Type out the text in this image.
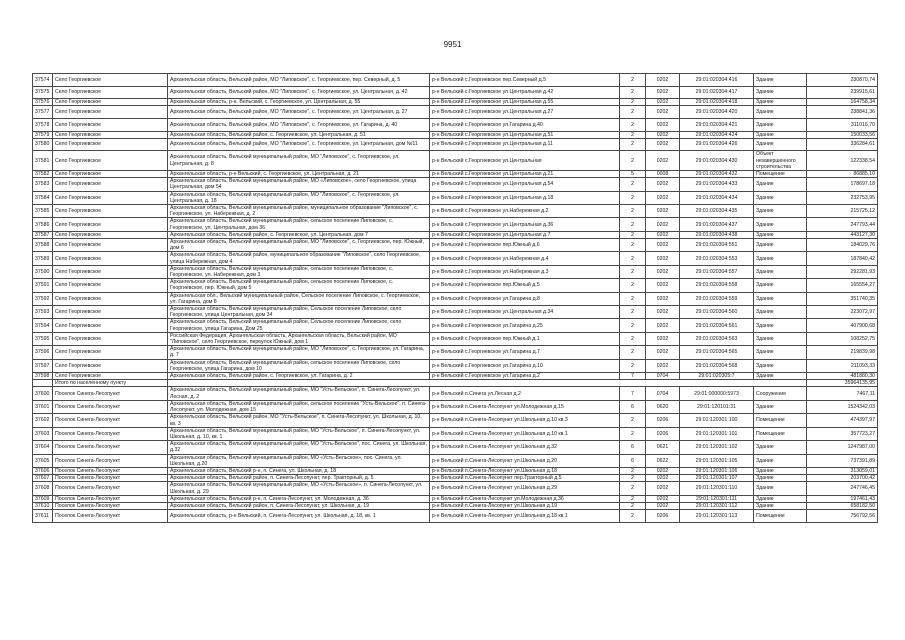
9951
37574	Село Георгиевское	Архангельская область, Вельский район, МО "Липовское", с. Георгиевское, пер. Северный, д. 5	р-н Вельский с.Георгиевское пер.Северный д.5	2	0202	29:01:020304:416	Здание	230870,74
37575	Село Георгиевское	Архангельская область, Вельский район, МО "Липовское", с. Георгиевское, ул. Центральная, д. 42	р-н Вельский с.Георгиевское ул.Центральная д.42	2	0202	29:01:020304:417	Здание	239915,61
37576	Село Георгиевское	Архангельская область, р-н. Вельский, с. Георгиевское, ул. Центральная, д. 55	р-н Вельский с.Георгиевское ул.Центральная д.55	2	0202	29:01:020304:418	Здание	164758,34
37577	Село Георгиевское	Архангельская область, Вельский район, МО "Липовское", с. Георгиевское, ул. Центральная, д. 27	р-н Вельский с.Георгиевское ул.Центральная д.27	2	0202	29:01:020304:420	Здание	238841,36
37578	Село Георгиевское	Архангельская область, Вельский район, МО "Липовское", с. Георгиевское, ул. Гагарина, д. 40	р-н Вельский с.Георгиевское ул.Гагарина д.40	2	0202	29:01:020304:421	Здание	311016,70
37579	Село Георгиевское	Архангельская область, Вельский район, с. Георгиевское, ул. Центральная, д. 51	р-н Вельский с.Георгиевское ул.Центральная д.51	2	0202	29:01:020304:424	Здание	150033,56
37580	Село Георгиевское	Архангельская область, Вельский район, МО "Липовское", с. Георгиевское, ул. Центральная, дом №11	р-н Вельский с.Георгиевское ул.Центральная д.11	2	0202	29:01:020304:426	Здание	336284,61
37581	Село Георгиевское	Архангельская область, Вельский муниципальный район, МО "Липовское", с. Георгиевское, ул. Центральная, д. 8	р-н Вельский с.Георгиевское ул.Центральная	2	0202	29:01:020304:430	Объект незавершенного строительства	122338,54
37582	Село Георгиевское	Архангельская область, р-н Вельский, с. Георгиевское, ул. Центральная, д. 21	р-н Вельский с.Георгиевское ул.Центральная д.21	5	0008	29:01:020304:432	Помещение	86885,10
37583	Село Георгиевское	Архангельская область, Вельский муниципальный район, МО «Липовское», село Георгиевское, улица Центральная, дом 54	р-н Вельский с.Георгиевское ул.Центральная д.54	2	0202	29:01:020304:433	Здание	178697,18
37584	Село Георгиевское	Архангельская область, Вельский муниципальный район, МО "Липовское", с. Георгиевское, ул. Центральная, д. 18	р-н Вельский с.Георгиевское ул.Центральная д.18	2	0202	29:01:020304:434	Здание	232753,95
37585	Село Георгиевское	Архангельская область, Вельский муниципальный район, муниципальное образование "Липовское", с. Георгиевское, ул. Набережная, д. 2	р-н Вельский с.Георгиевское ул.Набережная д.2	2	0202	29:01:020304:435	Здание	215725,12
37586	Село Георгиевское	Архангельская область, Вельский муниципальный район, сельское поселение Липовское, с. Георгиевское, ул. Центральная, дом 36	р-н Вельский с.Георгиевское ул.Центральная д.36	2	0202	29:01:020304:437	Здание	247793,44
37587	Село Георгиевское	Архангельская область, Вельский район, с. Георгиевское, ул. Центральная, дом 7	р-н Вельский с.Георгиевское ул.Центральная д.7	2	0202	29:01:020304:438	Здание	443127,30
37588	Село Георгиевское	Архангельская область, Вельский муниципальный район, МО "Липовское", с. Георгиевское, пер. Южный, дом 6	р-н Вельский с.Георгиевское пер.Южный д.6	2	0202	29:01:020304:551	Здание	184029,76
37589	Село Георгиевское	Архангельская область, Вельский район, муниципальное образование "Липовское", село Георгиевское, улица Набережная, дом 4	р-н Вельский с.Георгиевское ул.Набережная д.4	2	0202	29:01:020304:553	Здание	187840,42
37590	Село Георгиевское	Архангельская область, Вельский муниципальный район, сельское поселение Липовское, с. Георгиевское, ул. Набережная, дом 3	р-н Вельский с.Георгиевское ул.Набережная д.3	2	0202	29:01:020304:557	Здание	292281,93
37591	Село Георгиевское	Архангельская область, Вельский муниципальный район, сельское поселение Липовское, с. Георгиевское, пер. Южный, дом 5	р-н Вельский с.Георгиевское пер.Южный д.5	2	0202	29:01:020304:558	Здание	165554,27
37592	Село Георгиевское	Архангельская обл., Вельский муниципальный район, Сельское поселение Липовское, с. Георгиевское, ул. Гагарина, дом 8	р-н Вельский с.Георгиевское ул.Гагарина д.8	2	0202	29:01:020304:559	Здание	351740,35
37593	Село Георгиевское	Архангельская область, Вельский муниципальный район, Сельское поселение Липовское, село Георгиевское, улица Центральная, дом 34	р-н Вельский с.Георгиевское ул.Центральная д.34	2	0202	29:01:020304:560	Здание	223072,97
37594	Село Георгиевское	Архангельская область, Вельский муниципальный район, Сельское поселение Липовское, село Георгиевское, улица Гагарина, Дом 25	р-н Вельский с.Георгиевское ул.Гагарина д.25	2	0202	29:01:020304:561	Здание	407900,68
37595	Село Георгиевское	Российская Федерация, Архангельская область, Архангельская область, Вельский район, МО "Липовское", село Георгиевское, переулок Южный, дом 1	р-н Вельский с.Георгиевское пер.Южный д.1	2	0202	29:01:020304:563	Здание	108252,75
37596	Село Георгиевское	Архангельская область, Вельский муниципальный район, МО "Липовское", с. Георгиевское, ул. Гагарина, д. 7	р-н Вельский с.Георгиевское ул.Гагарина д.7	2	0202	29:01:020304:565	Здание	219839,98
37597	Село Георгиевское	Архангельская область, Вельский муниципальный район, сельское поселение Липовское, село Георгиевское, улица Гагарина, дом 10	р-н Вельский с.Георгиевское ул.Гагарина д.10	2	0202	29:01:020304:568	Здание	211093,33
37598	Село Георгиевское	Архангельская область, Вельский район, с. Георгиевское, ул. Гагарина, д. 2	р-н Вельский с.Георгиевское ул.Гагарина д.2	7	0704	29:01:020305:7	Здание	481880,30
	Итого по населенному пункту							35964135,95
37600	Поселок Синега-Лесопункт	Архангельская область, Вельский муниципальный район, МО "Усть-Вельское", п. Синега-Лесопункт, ул. Лесная, д. 2	р-н Вельский п.Синега ул.Лесная д.2	7	0704	29:01:000000:5973	Сооружение	7467,11
37601	Поселок Синега-Лесопункт	Архангельская область, Вельский муниципальный район, сельское поселение "Усть-Вельское", п. Синега-Лесопункт, ул. Молодежная, дом 15	р-н Вельский п.Синега-Лесопункт ул.Молодежная д.15	6	0620	29:01:120101:31	Здание	1524342,03
37602	Поселок Синега-Лесопункт	Архангельская область, Вельский район, МО "Усть-Вельское", п. Синега-Лесопункт, ул. Школьная, д. 10, кв. 3	р-н Вельский п.Синега-Лесопункт ул.Школьная д.10 кв.3	2	0206	29:01:120301:100	Помещение	474397,97
37603	Поселок Синега-Лесопункт	Архангельская область, Вельский муниципальный район, МО "Усть-Вельское", п. Синега-Лесопункт, ул. Школьная, д. 10, кв. 1	р-н Вельский п.Синега-Лесопункт ул.Школьная д.10 кв.1	2	0206	29:01:120301:101	Помещение	357723,27
37604	Поселок Синега-Лесопункт	Архангельская область, Вельский муниципальный район, МО "Усть-Вельское", пос. Синега, ул. Школьная, д.32	р-н Вельский п.Синега-Лесопункт ул.Школьная д.32	6	0621	29:01:120301:102	Здание	1247987,00
37605	Поселок Синега-Лесопункт	Архангельская область, Вельский муниципальный район, МО «Усть-Вельское», пос. Синега, ул. Школьная, д.20	р-н Вельский п.Синега-Лесопункт ул.Школьная д.20	6	0622	29:01:120301:105	Здание	737391,89
37606	Поселок Синега-Лесопункт	Архангельская область, Вельский р-н, п. Синега, ул. Школьная, д. 18	р-н Вельский п.Синега-Лесопункт ул.Школьная д.18	2	0202	29:01:120301:106	Здание	313059,01
37607	Поселок Синега-Лесопункт	Архангельская область, Вельский район, п. Синега-Лесопункт, пер. Тракторный, д. 5	р-н Вельский п.Синега-Лесопункт пер.Тракторный д.5	2	0202	29:01:120301:107	Здание	203700,42
37608	Поселок Синега-Лесопункт	Архангельская область, Вельский муниципальный район, МО «Усть-Вельское», п. Синега-Лесопункт, ул. Школьная, д. 29	р-н Вельский п.Синега-Лесопункт ул.Школьная д.29	2	0202	29:01:120301:110	Здание	247746,45
37609	Поселок Синега-Лесопункт	Архангельская область, Вельский р-н, п. Синега-Лесопункт, ул. Молодежная, д. 36	р-н Вельский п.Синега-Лесопункт ул.Молодежная д.36	2	0202	29:01:120301:111	Здание	197461,43
37610	Поселок Синега-Лесопункт	Архангельская область, Вельский район, п. Синега-Лесопункт, ул. Школьная, д. 19	р-н Вельский п.Синега-Лесопункт ул.Школьная д.19	2	0202	29:01:120301:112	Здание	658182,50
37611	Поселок Синега-Лесопункт	Архангельская область, р-н Вельский, п. Синега-Лесопункт, ул. Школьная, д. 18, кв. 1	р-н Вельский п.Синега-Лесопункт ул.Школьная д.18 кв.1	2	0206	29:01:120301:113	Помещение	756792,56
